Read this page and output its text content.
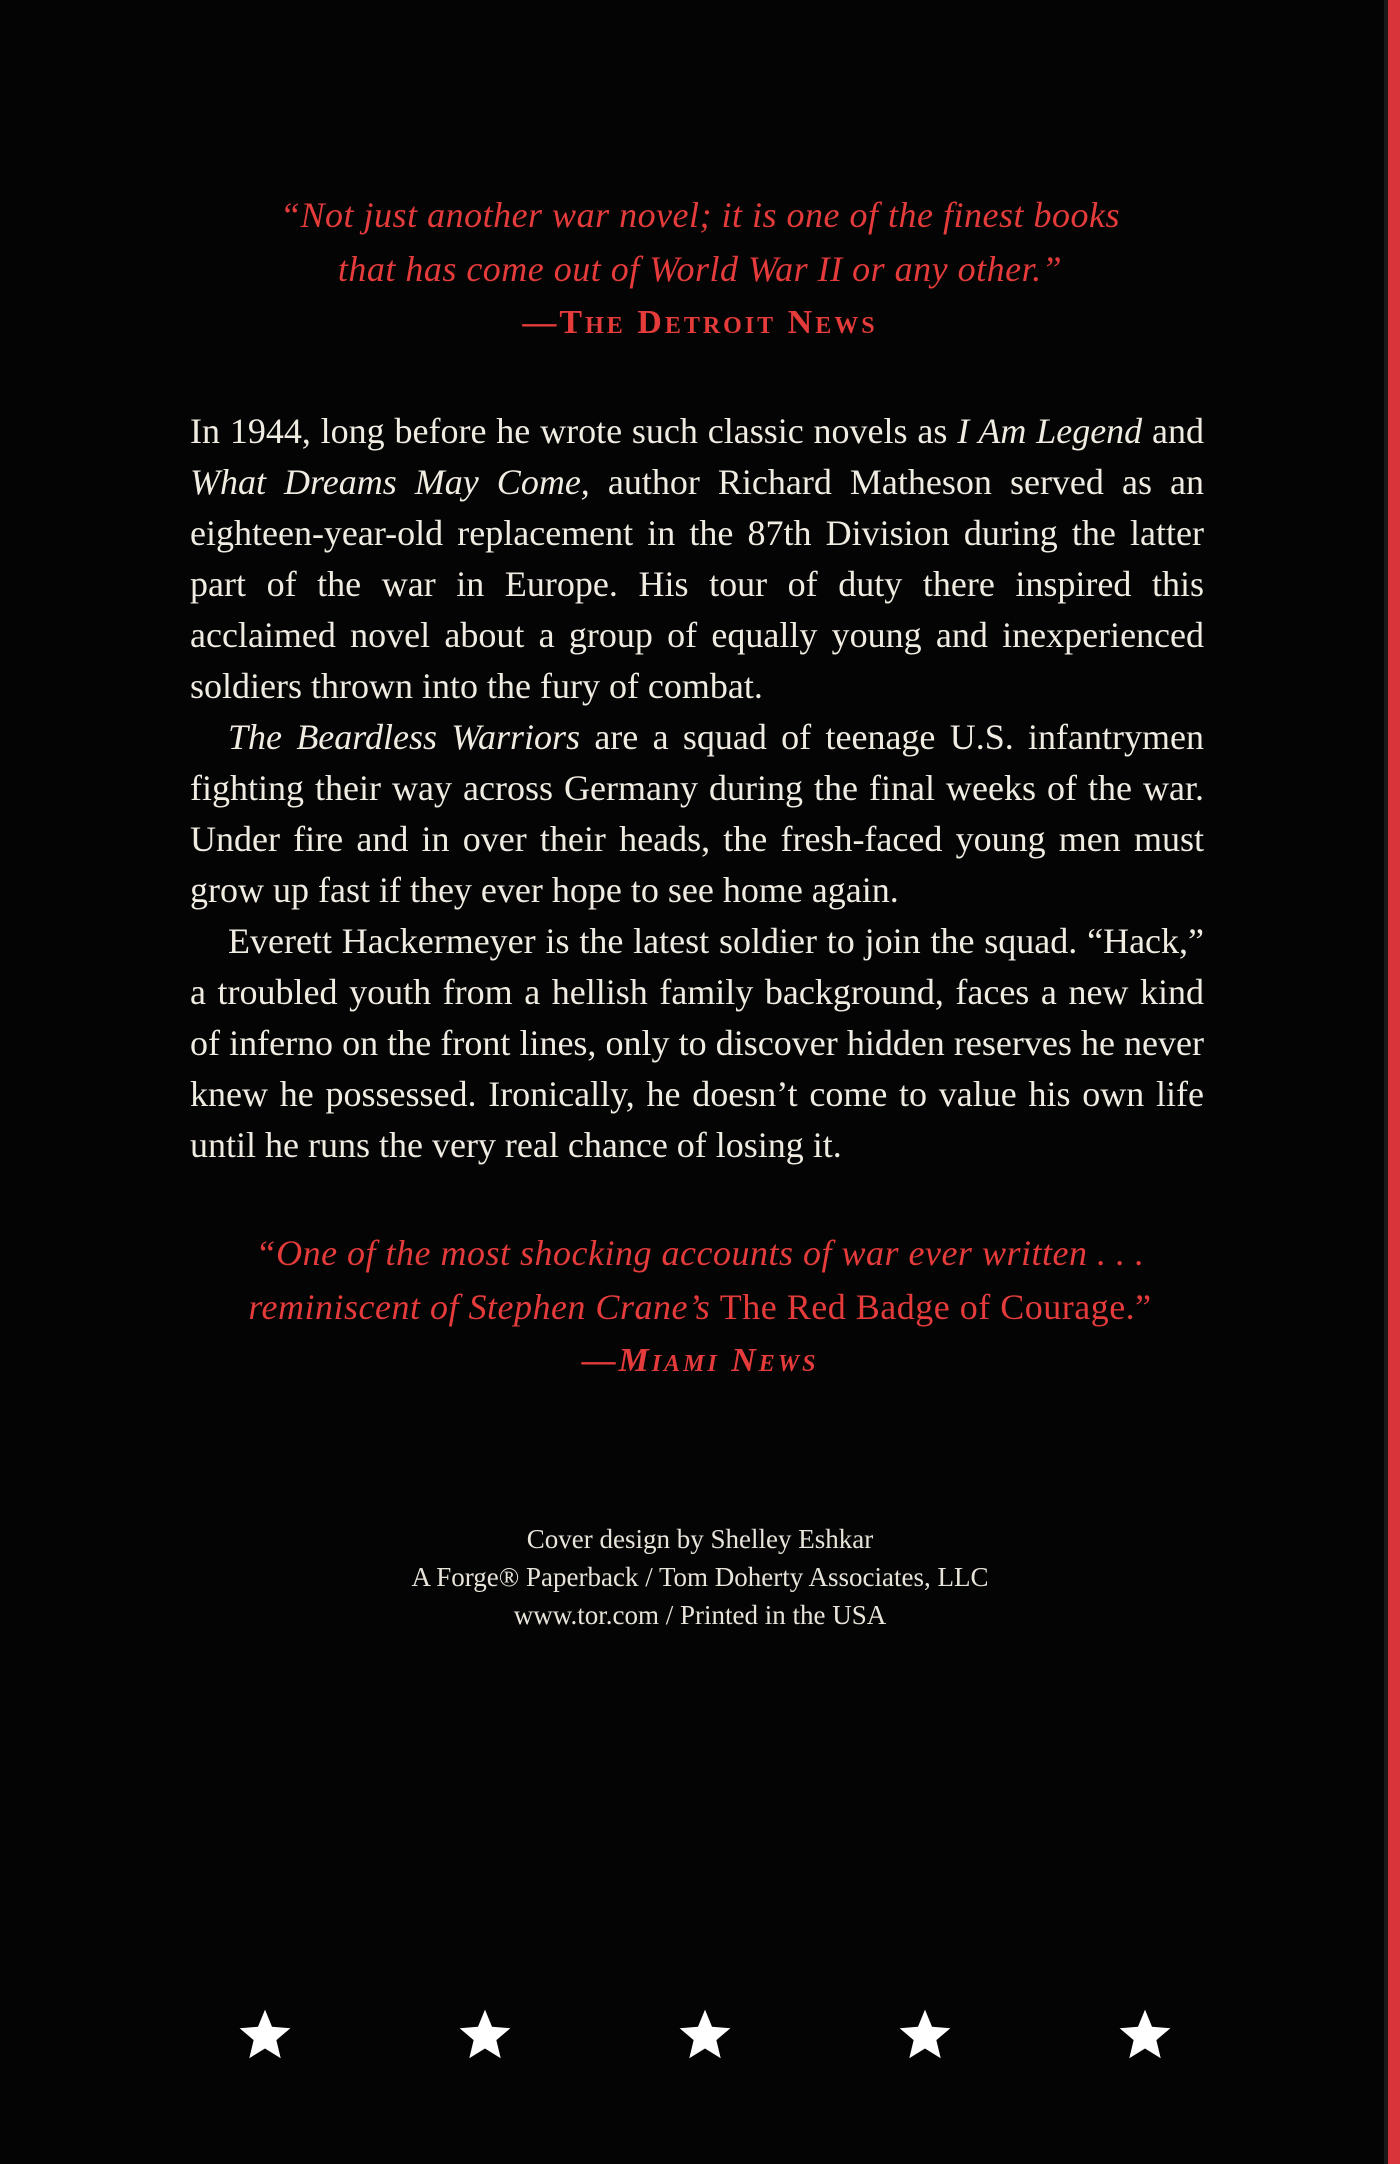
“Not just another war novel; it is one of the finest books
that has come out of World War II or any other.”
—The Detroit News

In 1944, long before he wrote such classic novels as I Am Legend and What Dreams May Come, author Richard Matheson served as an eighteen-year-old replacement in the 87th Division during the latter part of the war in Europe. His tour of duty there inspired this acclaimed novel about a group of equally young and inexperienced soldiers thrown into the fury of combat.

The Beardless Warriors are a squad of teenage U.S. infantrymen fighting their way across Germany during the final weeks of the war. Under fire and in over their heads, the fresh-faced young men must grow up fast if they ever hope to see home again.

Everett Hackermeyer is the latest soldier to join the squad. “Hack,” a troubled youth from a hellish family background, faces a new kind of inferno on the front lines, only to discover hidden reserves he never knew he possessed. Ironically, he doesn’t come to value his own life until he runs the very real chance of losing it.

“One of the most shocking accounts of war ever written . . .
reminiscent of Stephen Crane’s The Red Badge of Courage.”
—Miami News
Cover design by Shelley Eshkar
A Forge® Paperback / Tom Doherty Associates, LLC
www.tor.com / Printed in the USA
